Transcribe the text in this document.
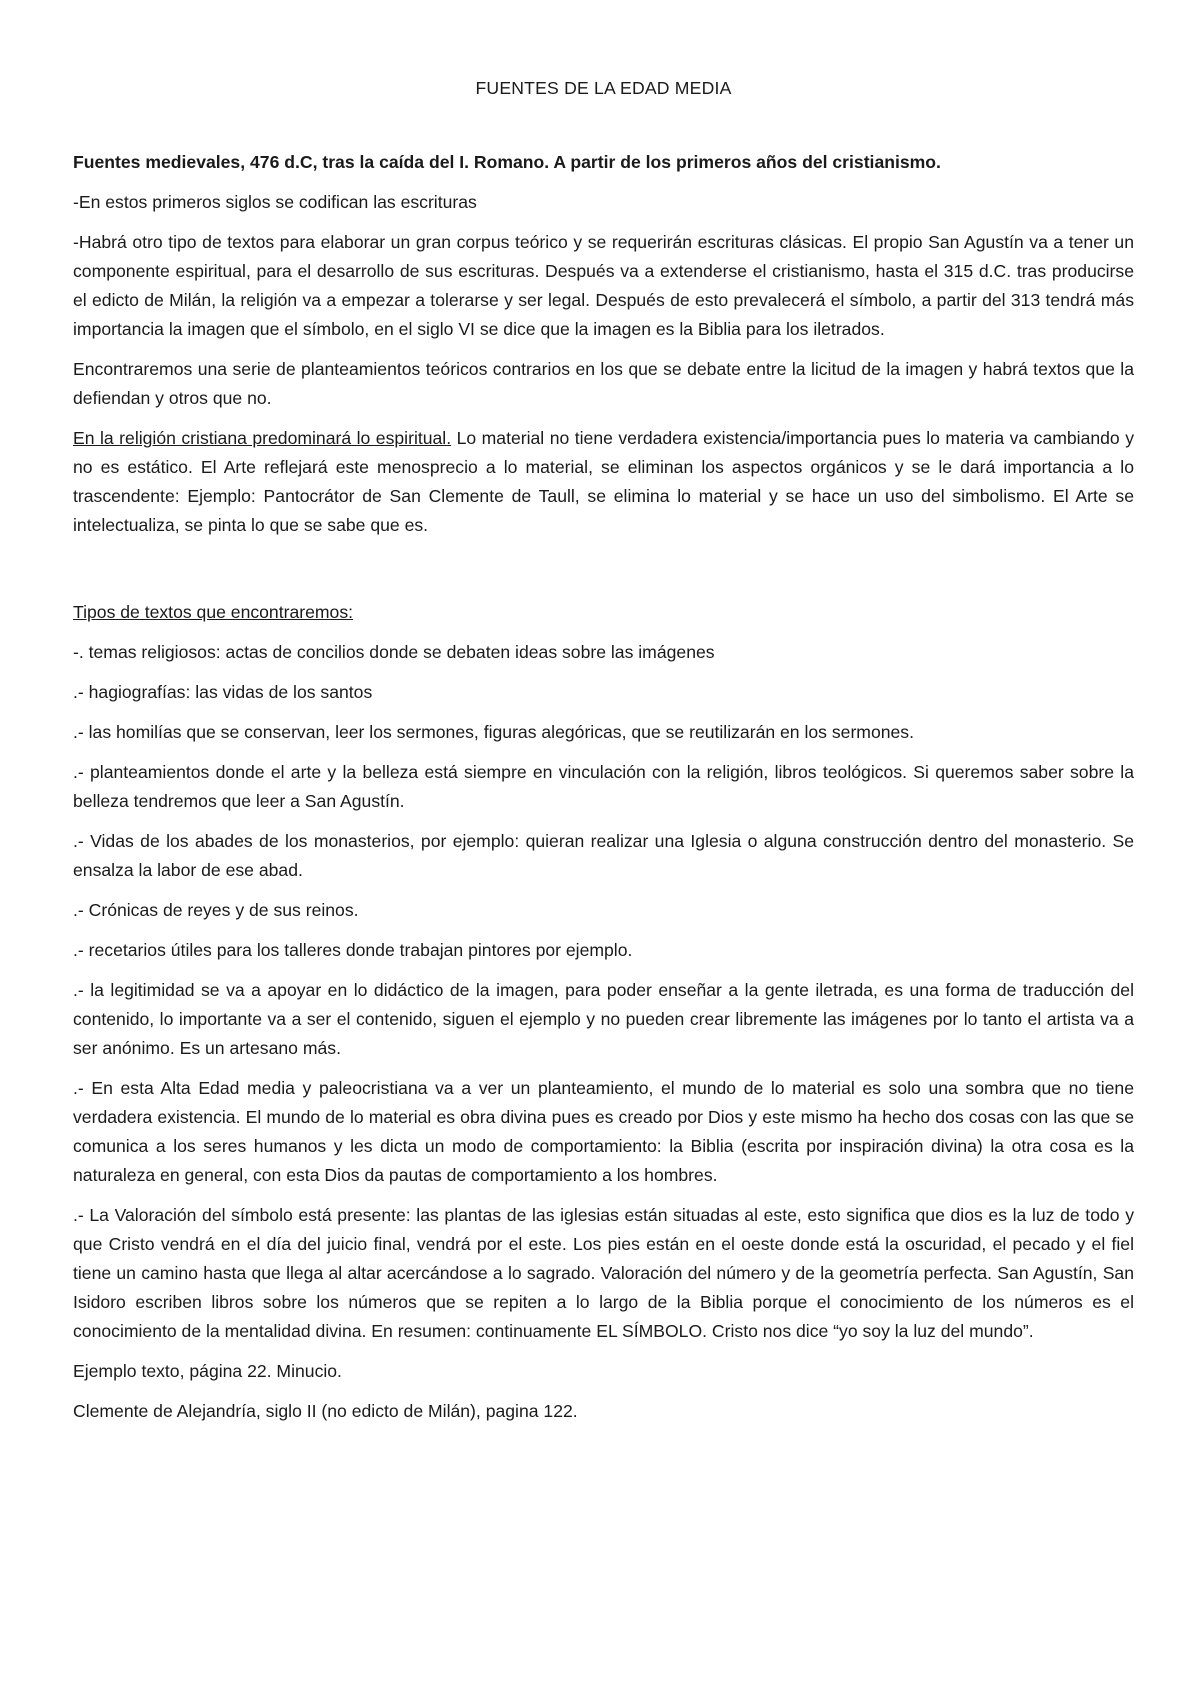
FUENTES DE LA EDAD MEDIA

Fuentes medievales, 476 d.C, tras la caída del I. Romano. A partir de los primeros años del cristianismo.

-En estos primeros siglos se codifican las escrituras

-Habrá otro tipo de textos para elaborar un gran corpus teórico y se requerirán escrituras clásicas. El propio San Agustín va a tener un componente espiritual, para el desarrollo de sus escrituras. Después va a extenderse el cristianismo, hasta el 315 d.C. tras producirse el edicto de Milán, la religión va a empezar a tolerarse y ser legal. Después de esto prevalecerá el símbolo, a partir del 313 tendrá más importancia la imagen que el símbolo, en el siglo VI se dice que la imagen es la Biblia para los iletrados.

Encontraremos una serie de planteamientos teóricos contrarios en los que se debate entre la licitud de la imagen y habrá textos que la defiendan y otros que no.

En la religión cristiana predominará lo espiritual. Lo material no tiene verdadera existencia/importancia pues lo materia va cambiando y no es estático. El Arte reflejará este menosprecio a lo material, se eliminan los aspectos orgánicos y se le dará importancia a lo trascendente: Ejemplo: Pantocrátor de San Clemente de Taull, se elimina lo material y se hace un uso del simbolismo. El Arte se intelectualiza, se pinta lo que se sabe que es.

Tipos de textos que encontraremos:

-. temas religiosos: actas de concilios donde se debaten ideas sobre las imágenes

.- hagiografías: las vidas de los santos

.- las homilías que se conservan, leer los sermones, figuras alegóricas, que se reutilizarán en los sermones.

.- planteamientos donde el arte y la belleza está siempre en vinculación con la religión, libros teológicos. Si queremos saber sobre la belleza tendremos que leer a San Agustín.

.- Vidas de los abades de los monasterios, por ejemplo: quieran realizar una Iglesia o alguna construcción dentro del monasterio. Se ensalza la labor de ese abad.

.- Crónicas de reyes y de sus reinos.

.- recetarios útiles para los talleres donde trabajan pintores por ejemplo.

.- la legitimidad se va a apoyar en lo didáctico de la imagen, para poder enseñar a la gente iletrada, es una forma de traducción del contenido, lo importante va a ser el contenido, siguen el ejemplo y no pueden crear libremente las imágenes por lo tanto el artista va a ser anónimo. Es un artesano más.

.- En esta Alta Edad media y paleocristiana va a ver un planteamiento, el mundo de lo material es solo una sombra que no tiene verdadera existencia. El mundo de lo material es obra divina pues es creado por Dios y este mismo ha hecho dos cosas con las que se comunica a los seres humanos y les dicta un modo de comportamiento: la Biblia (escrita por inspiración divina) la otra cosa es la naturaleza en general, con esta Dios da pautas de comportamiento a los hombres.

.- La Valoración del símbolo está presente: las plantas de las iglesias están situadas al este, esto significa que dios es la luz de todo y que Cristo vendrá en el día del juicio final, vendrá por el este. Los pies están en el oeste donde está la oscuridad, el pecado y el fiel tiene un camino hasta que llega al altar acercándose a lo sagrado. Valoración del número y de la geometría perfecta. San Agustín, San Isidoro escriben libros sobre los números que se repiten a lo largo de la Biblia porque el conocimiento de los números es el conocimiento de la mentalidad divina. En resumen: continuamente EL SÍMBOLO. Cristo nos dice “yo soy la luz del mundo”.

Ejemplo texto, página 22. Minucio.

Clemente de Alejandría, siglo II (no edicto de Milán), pagina 122.
